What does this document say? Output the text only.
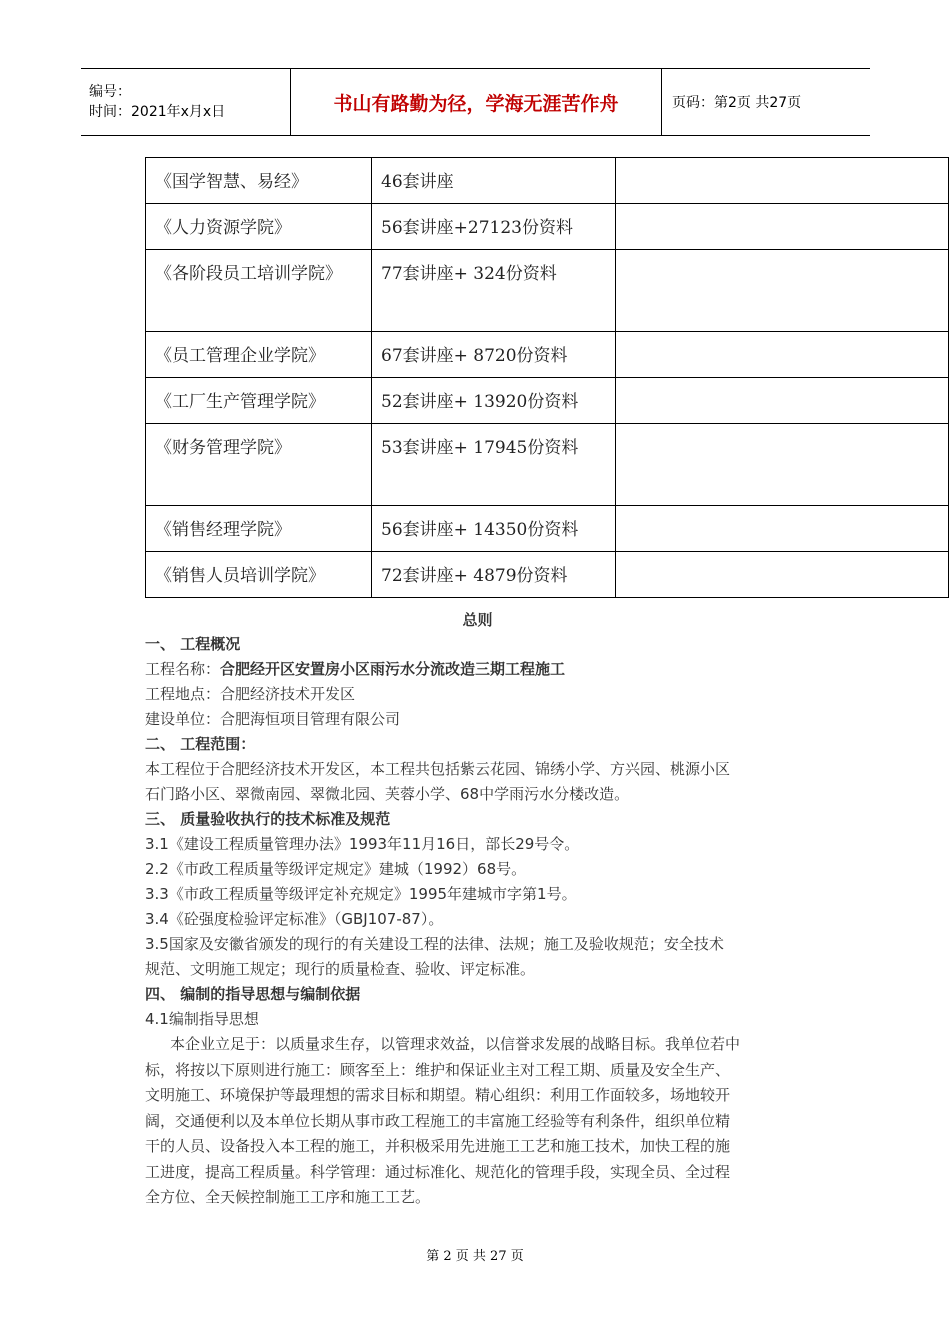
编号：
时间：2021年x月x日	书山有路勤为径，学海无涯苦作舟	页码：第2页 共27页
《国学智慧、易经》	46套讲座	
《人力资源学院》	56套讲座+27123份资料	
《各阶段员工培训学院》	77套讲座+ 324份资料	
《员工管理企业学院》	67套讲座+ 8720份资料	
《工厂生产管理学院》	52套讲座+ 13920份资料	
《财务管理学院》	53套讲座+ 17945份资料	
《销售经理学院》	56套讲座+ 14350份资料	
《销售人员培训学院》	72套讲座+ 4879份资料	
总则
一、 工程概况
工程名称：合肥经开区安置房小区雨污水分流改造三期工程施工
工程地点：合肥经济技术开发区
建设单位：合肥海恒项目管理有限公司
二、 工程范围：
本工程位于合肥经济技术开发区，本工程共包括紫云花园、锦绣小学、方兴园、桃源小区
石门路小区、翠微南园、翠微北园、芙蓉小学、68中学雨污水分楼改造。
三、 质量验收执行的技术标准及规范
3.1《建设工程质量管理办法》1993年11月16日，部长29号令。
2.2《市政工程质量等级评定规定》建城（1992）68号。
3.3《市政工程质量等级评定补充规定》1995年建城市字第1号。
3.4《砼强度检验评定标准》（GBJ107-87）。
3.5国家及安徽省颁发的现行的有关建设工程的法律、法规；施工及验收规范；安全技术
规范、文明施工规定；现行的质量检查、验收、评定标准。
四、 编制的指导思想与编制依据
4.1编制指导思想
本企业立足于：以质量求生存，以管理求效益，以信誉求发展的战略目标。我单位若中
标，将按以下原则进行施工：顾客至上：维护和保证业主对工程工期、质量及安全生产、
文明施工、环境保护等最理想的需求目标和期望。精心组织：利用工作面较多，场地较开
阔，交通便利以及本单位长期从事市政工程施工的丰富施工经验等有利条件，组织单位精
干的人员、设备投入本工程的施工，并积极采用先进施工工艺和施工技术，加快工程的施
工进度，提高工程质量。科学管理：通过标准化、规范化的管理手段，实现全员、全过程
全方位、全天候控制施工工序和施工工艺。
第 2 页 共 27 页
